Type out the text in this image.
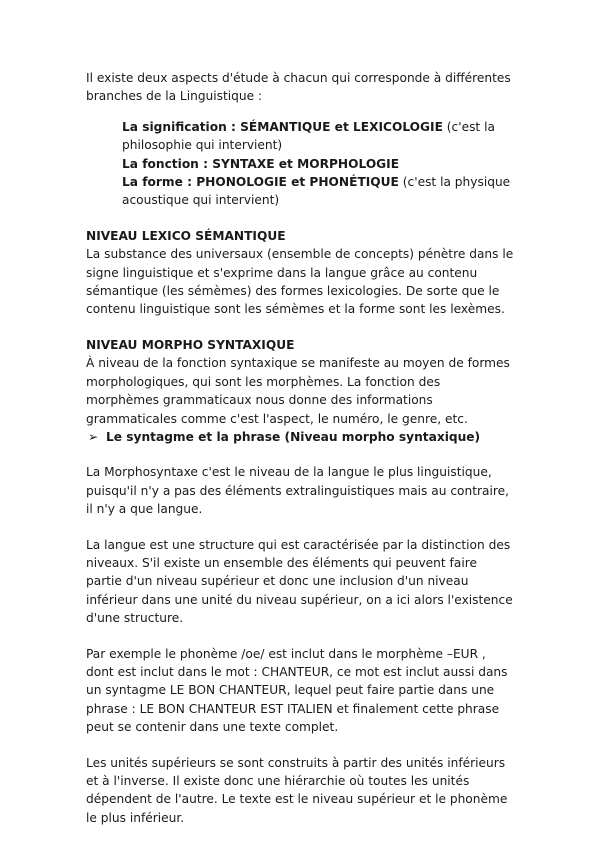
Il existe deux aspects d'étude à chacun qui corresponde à différentes branches de la Linguistique :

La signification : SÉMANTIQUE et LEXICOLOGIE (c'est la philosophie qui intervient)

La fonction : SYNTAXE et MORPHOLOGIE

La forme : PHONOLOGIE et PHONÉTIQUE (c'est la physique acoustique qui intervient)

NIVEAU LEXICO SÉMANTIQUE

La substance des universaux (ensemble de concepts) pénètre dans le signe linguistique et s'exprime dans la langue grâce au contenu sémantique (les sémèmes) des formes lexicologies. De sorte que le contenu linguistique sont les sémèmes et la forme sont les lexèmes.

NIVEAU MORPHO SYNTAXIQUE

À niveau de la fonction syntaxique se manifeste au moyen de formes morphologiques, qui sont les morphèmes. La fonction des morphèmes grammaticaux nous donne des informations grammaticales comme c'est l'aspect, le numéro, le genre, etc.

➢ Le syntagme et la phrase (Niveau morpho syntaxique)

La Morphosyntaxe c'est le niveau de la langue le plus linguistique, puisqu'il n'y a pas des éléments extralinguistiques mais au contraire, il n'y a que langue.

La langue est une structure qui est caractérisée par la distinction des niveaux. S'il existe un ensemble des éléments qui peuvent faire partie d'un niveau supérieur et donc une inclusion d'un niveau inférieur dans une unité du niveau supérieur, on a ici alors l'existence d'une structure.

Par exemple le phonème /oe/ est inclut dans le morphème –EUR , dont est inclut dans le mot : CHANTEUR, ce mot est inclut aussi dans un syntagme LE BON CHANTEUR, lequel peut faire partie dans une phrase : LE BON CHANTEUR EST ITALIEN et finalement cette phrase peut se contenir dans une texte complet.

Les unités supérieurs se sont construits à partir des unités inférieurs et à l'inverse. Il existe donc une hiérarchie où toutes les unités dépendent de l'autre. Le texte est le niveau supérieur et le phonème le plus inférieur.
